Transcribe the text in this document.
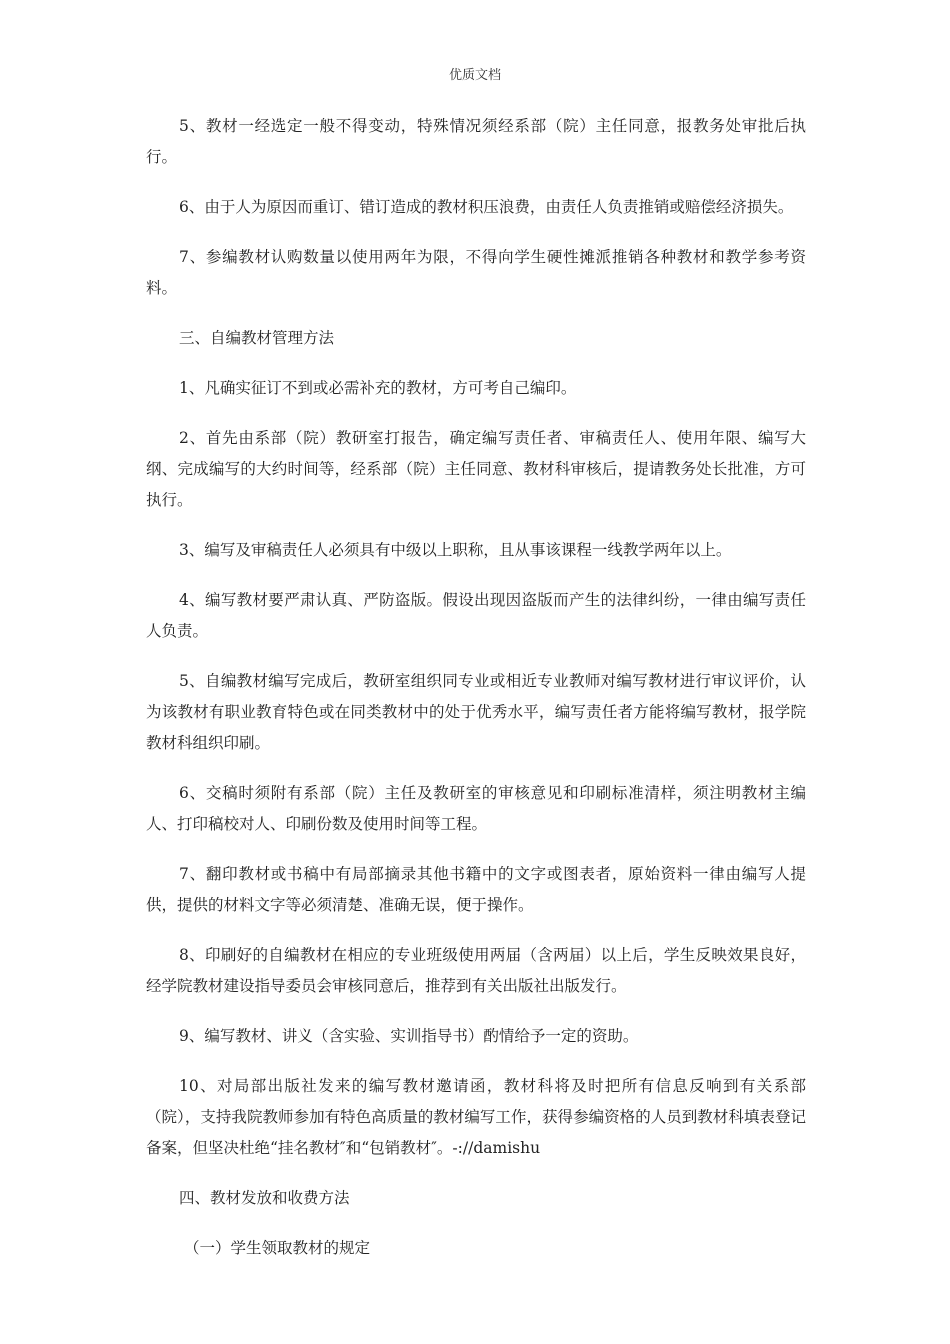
优质文档

5、教材一经选定一般不得变动，特殊情况须经系部（院）主任同意，报教务处审批后执行。

6、由于人为原因而重订、错订造成的教材积压浪费，由责任人负责推销或赔偿经济损失。

7、参编教材认购数量以使用两年为限，不得向学生硬性摊派推销各种教材和教学参考资料。

三、自编教材管理方法

1、凡确实征订不到或必需补充的教材，方可考自己编印。

2、首先由系部（院）教研室打报告，确定编写责任者、审稿责任人、使用年限、编写大纲、完成编写的大约时间等，经系部（院）主任同意、教材科审核后，提请教务处长批准，方可执行。

3、编写及审稿责任人必须具有中级以上职称，且从事该课程一线教学两年以上。

4、编写教材要严肃认真、严防盗版。假设出现因盗版而产生的法律纠纷，一律由编写责任人负责。

5、自编教材编写完成后，教研室组织同专业或相近专业教师对编写教材进行审议评价，认为该教材有职业教育特色或在同类教材中的处于优秀水平，编写责任者方能将编写教材，报学院教材科组织印刷。

6、交稿时须附有系部（院）主任及教研室的审核意见和印刷标准清样，须注明教材主编人、打印稿校对人、印刷份数及使用时间等工程。

7、翻印教材或书稿中有局部摘录其他书籍中的文字或图表者，原始资料一律由编写人提供，提供的材料文字等必须清楚、准确无误，便于操作。

8、印刷好的自编教材在相应的专业班级使用两届（含两届）以上后，学生反映效果良好，经学院教材建设指导委员会审核同意后，推荐到有关出版社出版发行。

9、编写教材、讲义（含实验、实训指导书）酌情给予一定的资助。

10、对局部出版社发来的编写教材邀请函，教材科将及时把所有信息反响到有关系部（院），支持我院教师参加有特色高质量的教材编写工作，获得参编资格的人员到教材科填表登记备案，但坚决杜绝“挂名教材″和“包销教材″。-://damishu

四、教材发放和收费方法

（一）学生领取教材的规定
